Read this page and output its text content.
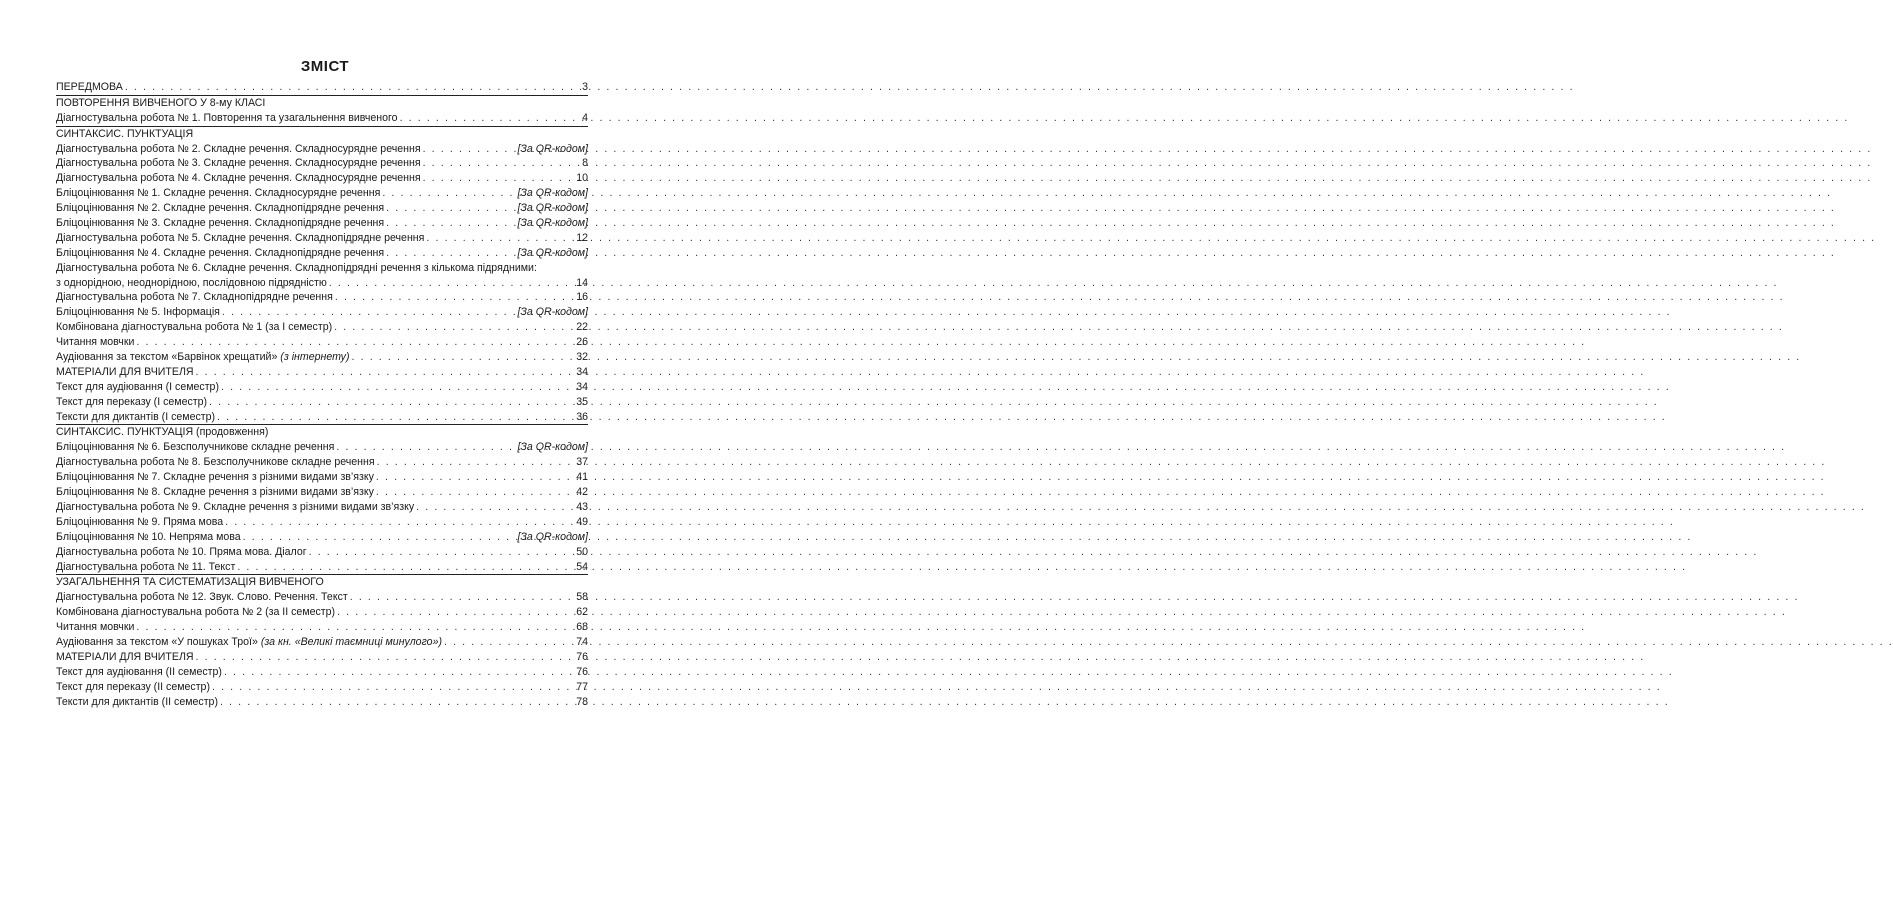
ЗМІСТ
ПЕРЕДМОВА . . .	3
ПОВТОРЕННЯ ВИВЧЕНОГО У 8-му КЛАСІ
Діагностувальна робота № 1. Повторення та узагальнення вивченого . . .	4
СИНТАКСИС. ПУНКТУАЦІЯ
Діагностувальна робота № 2. Складне речення. Складносурядне речення . . .	[За QR-кодом]
Діагностувальна робота № 3. Складне речення. Складносурядне речення . . .	8
Діагностувальна робота № 4. Складне речення. Складносурядне речення . . .	10
Бліцоцінювання № 1. Складне речення. Складносурядне речення . . .	[За QR-кодом]
Бліцоцінювання № 2. Складне речення. Складнопідрядне речення . . .	[За QR-кодом]
Бліцоцінювання № 3. Складне речення. Складнопідрядне речення . . .	[За QR-кодом]
Діагностувальна робота № 5. Складне речення. Складнопідрядне речення . . .	12
Бліцоцінювання № 4. Складне речення. Складнопідрядне речення . . .	[За QR-кодом]
Діагностувальна робота № 6. Складне речення. Складнопідрядні речення з кількома підрядними:
з однорідною, неоднорідною, послідовною підрядністю . . .	14
Діагностувальна робота № 7. Складнопідрядне речення . . .	16
Бліцоцінювання № 5. Інформація . . .	[За QR-кодом]
Комбінована діагностувальна робота № 1 (за I семестр) . . .	22
Читання мовчки . . .	26
Аудіювання за текстом «Барвінок хрещатий» (з інтернету) . . .	32
МАТЕРІАЛИ ДЛЯ ВЧИТЕЛЯ . . .	34
Текст для аудіювання (I семестр) . . .	34
Текст для переказу (I семестр) . . .	35
Тексти для диктантів (I семестр) . . .	36
СИНТАКСИС. ПУНКТУАЦІЯ (продовження)
Бліцоцінювання № 6. Безсполучникове складне речення . . .	[За QR-кодом]
Діагностувальна робота № 8. Безсполучникове складне речення . . .	37
Бліцоцінювання № 7. Складне речення з різними видами зв’язку . . .	41
Бліцоцінювання № 8. Складне речення з різними видами зв’язку . . .	42
Діагностувальна робота № 9. Складне речення з різними видами зв’язку . . .	43
Бліцоцінювання № 9. Пряма мова . . .	49
Бліцоцінювання № 10. Непряма мова . . .	[За QR-кодом]
Діагностувальна робота № 10. Пряма мова. Діалог . . .	50
Діагностувальна робота № 11. Текст . . .	54
УЗАГАЛЬНЕННЯ ТА СИСТЕМАТИЗАЦІЯ ВИВЧЕНОГО
Діагностувальна робота № 12. Звук. Слово. Речення. Текст . . .	58
Комбінована діагностувальна робота № 2 (за II семестр) . . .	62
Читання мовчки . . .	68
Аудіювання за текстом «У пошуках Трої» (за кн. «Великі таємниці минулого») . . .	74
МАТЕРІАЛИ ДЛЯ ВЧИТЕЛЯ . . .	76
Текст для аудіювання (II семестр) . . .	76
Текст для переказу (II семестр) . . .	77
Тексти для диктантів (II семестр) . . .	78
